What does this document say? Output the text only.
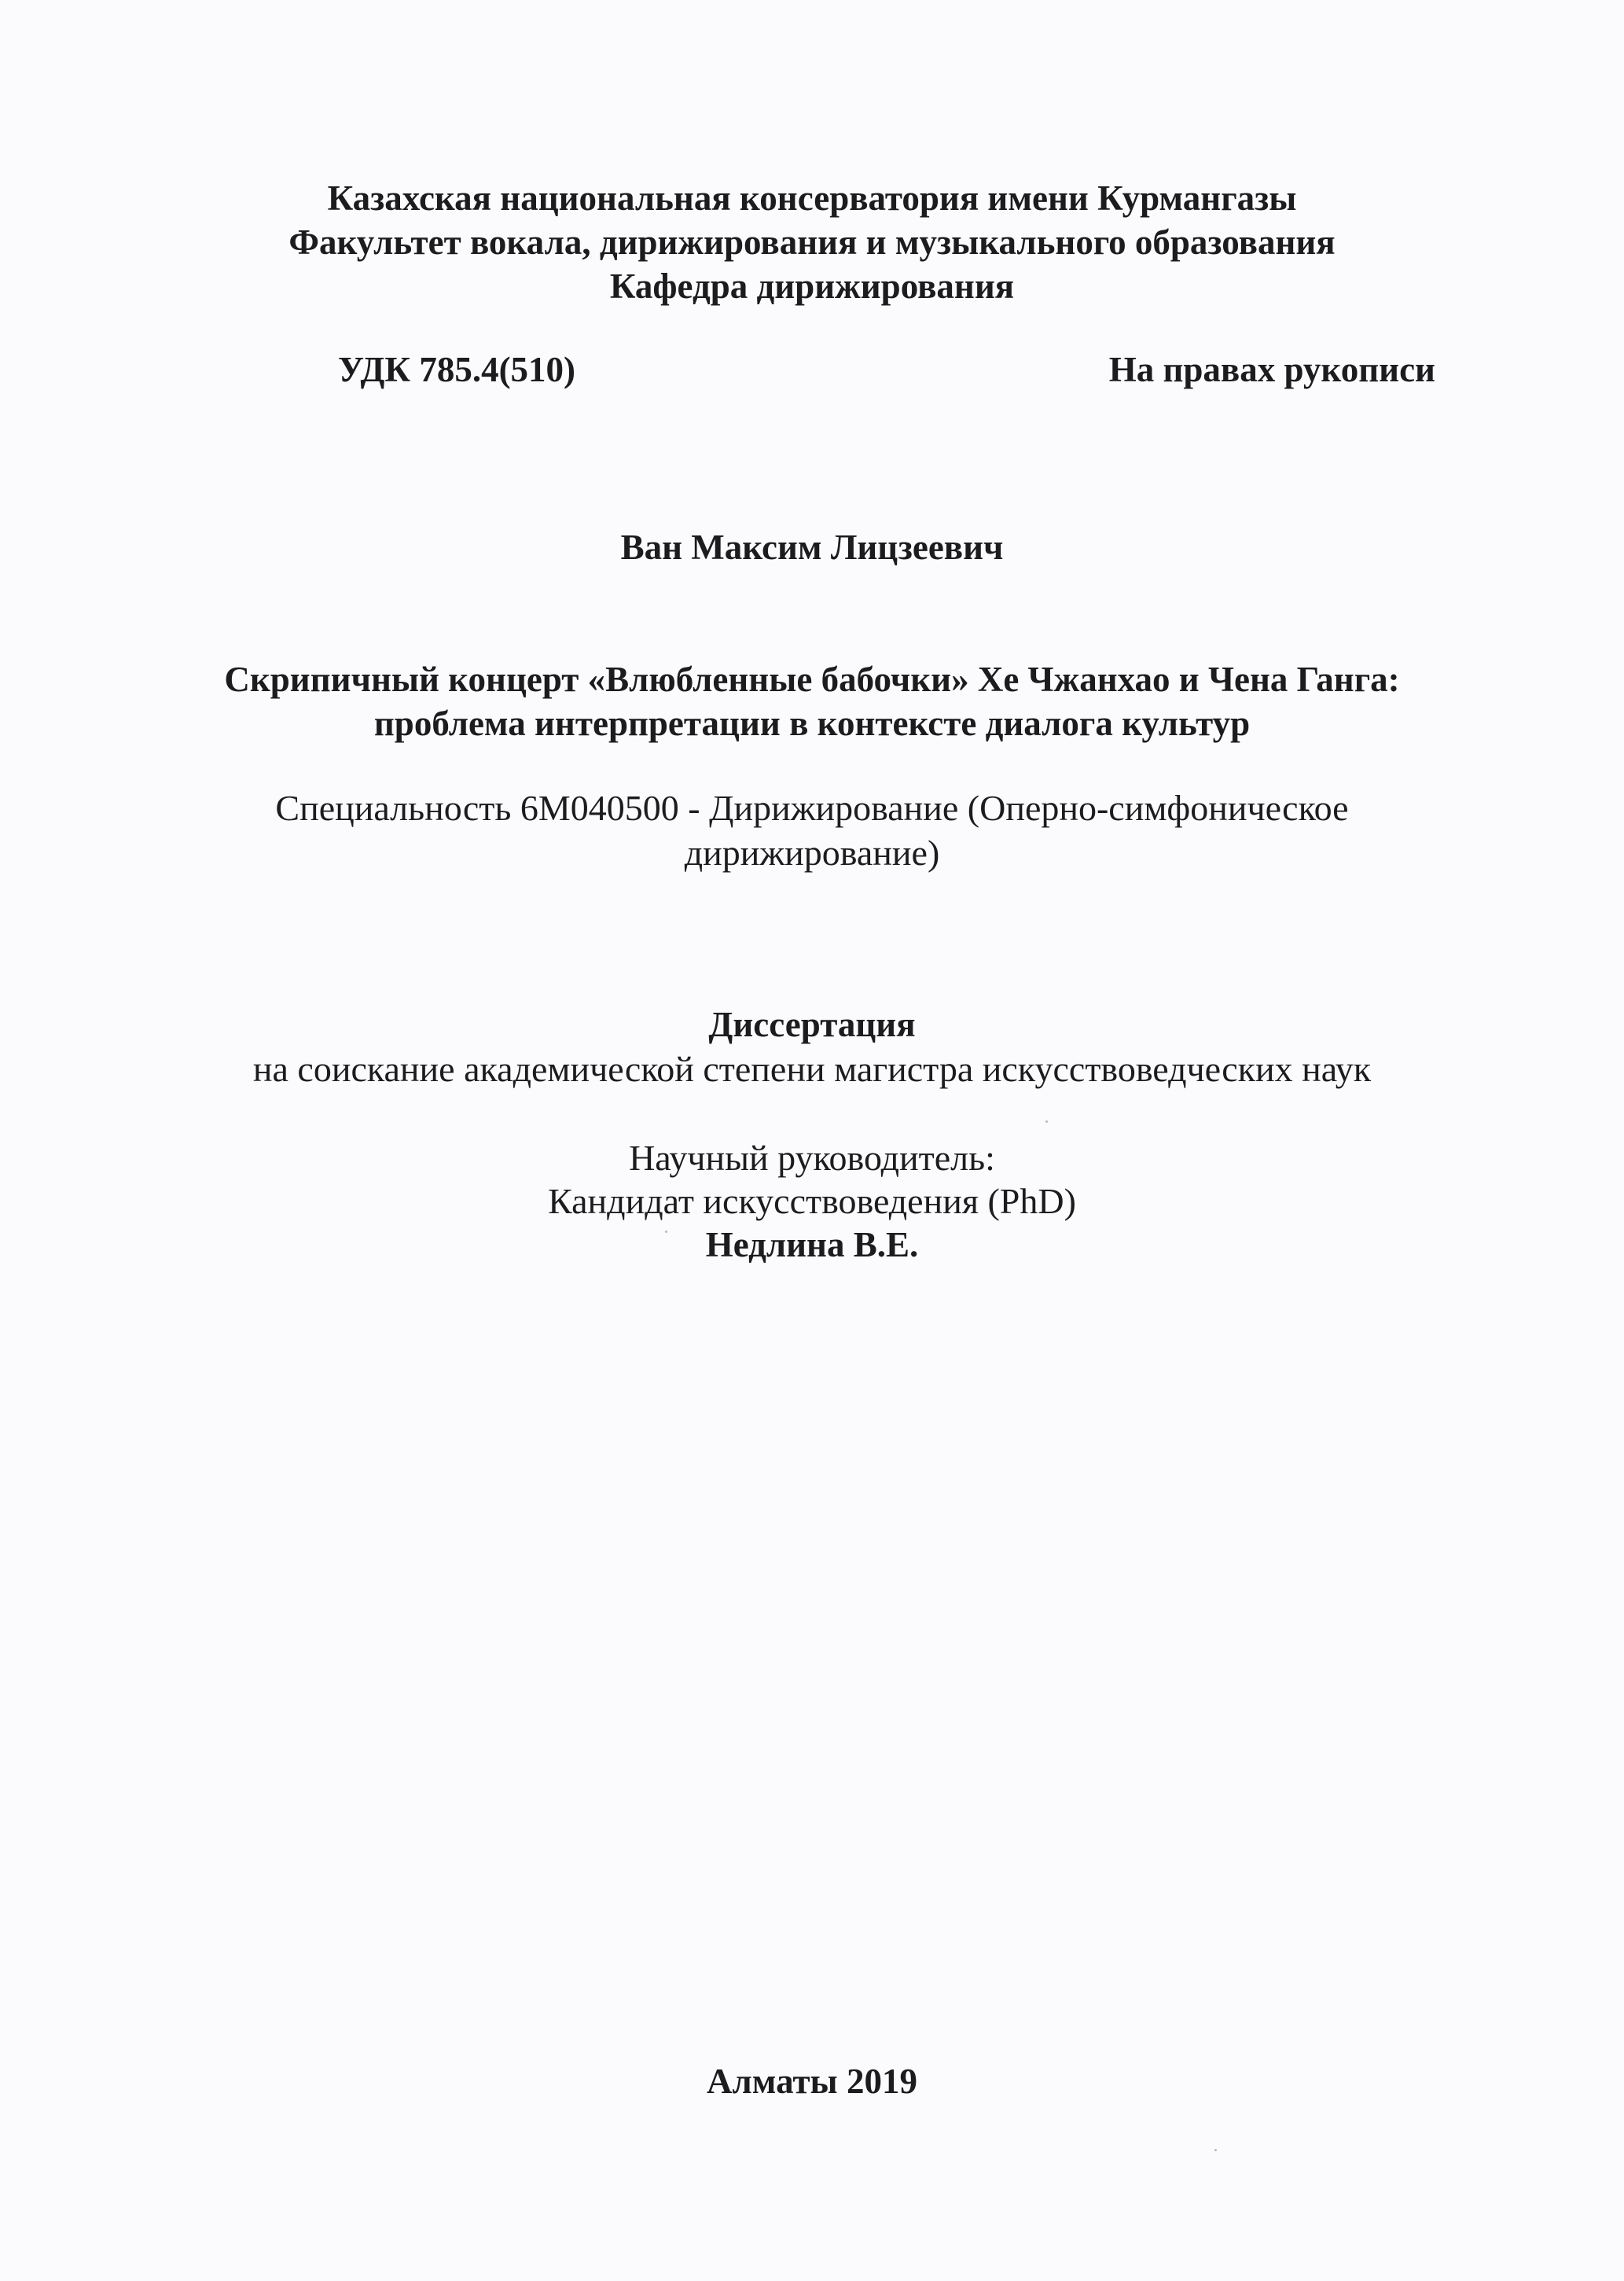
Казахская национальная консерватория имени Курмангазы
Факультет вокала, дирижирования и музыкального образования
Кафедра дирижирования
УДК 785.4(510)	На правах рукописи
Ван Максим Лицзеевич
Скрипичный концерт «Влюбленные бабочки» Хе Чжанхао и Чена Ганга:
проблема интерпретации в контексте диалога культур
Специальность 6М040500 - Дирижирование (Оперно-симфоническое
дирижирование)
Диссертация
на соискание академической степени магистра искусствоведческих наук
Научный руководитель:
Кандидат искусствоведения (PhD)
Недлина В.Е.
Алматы 2019
